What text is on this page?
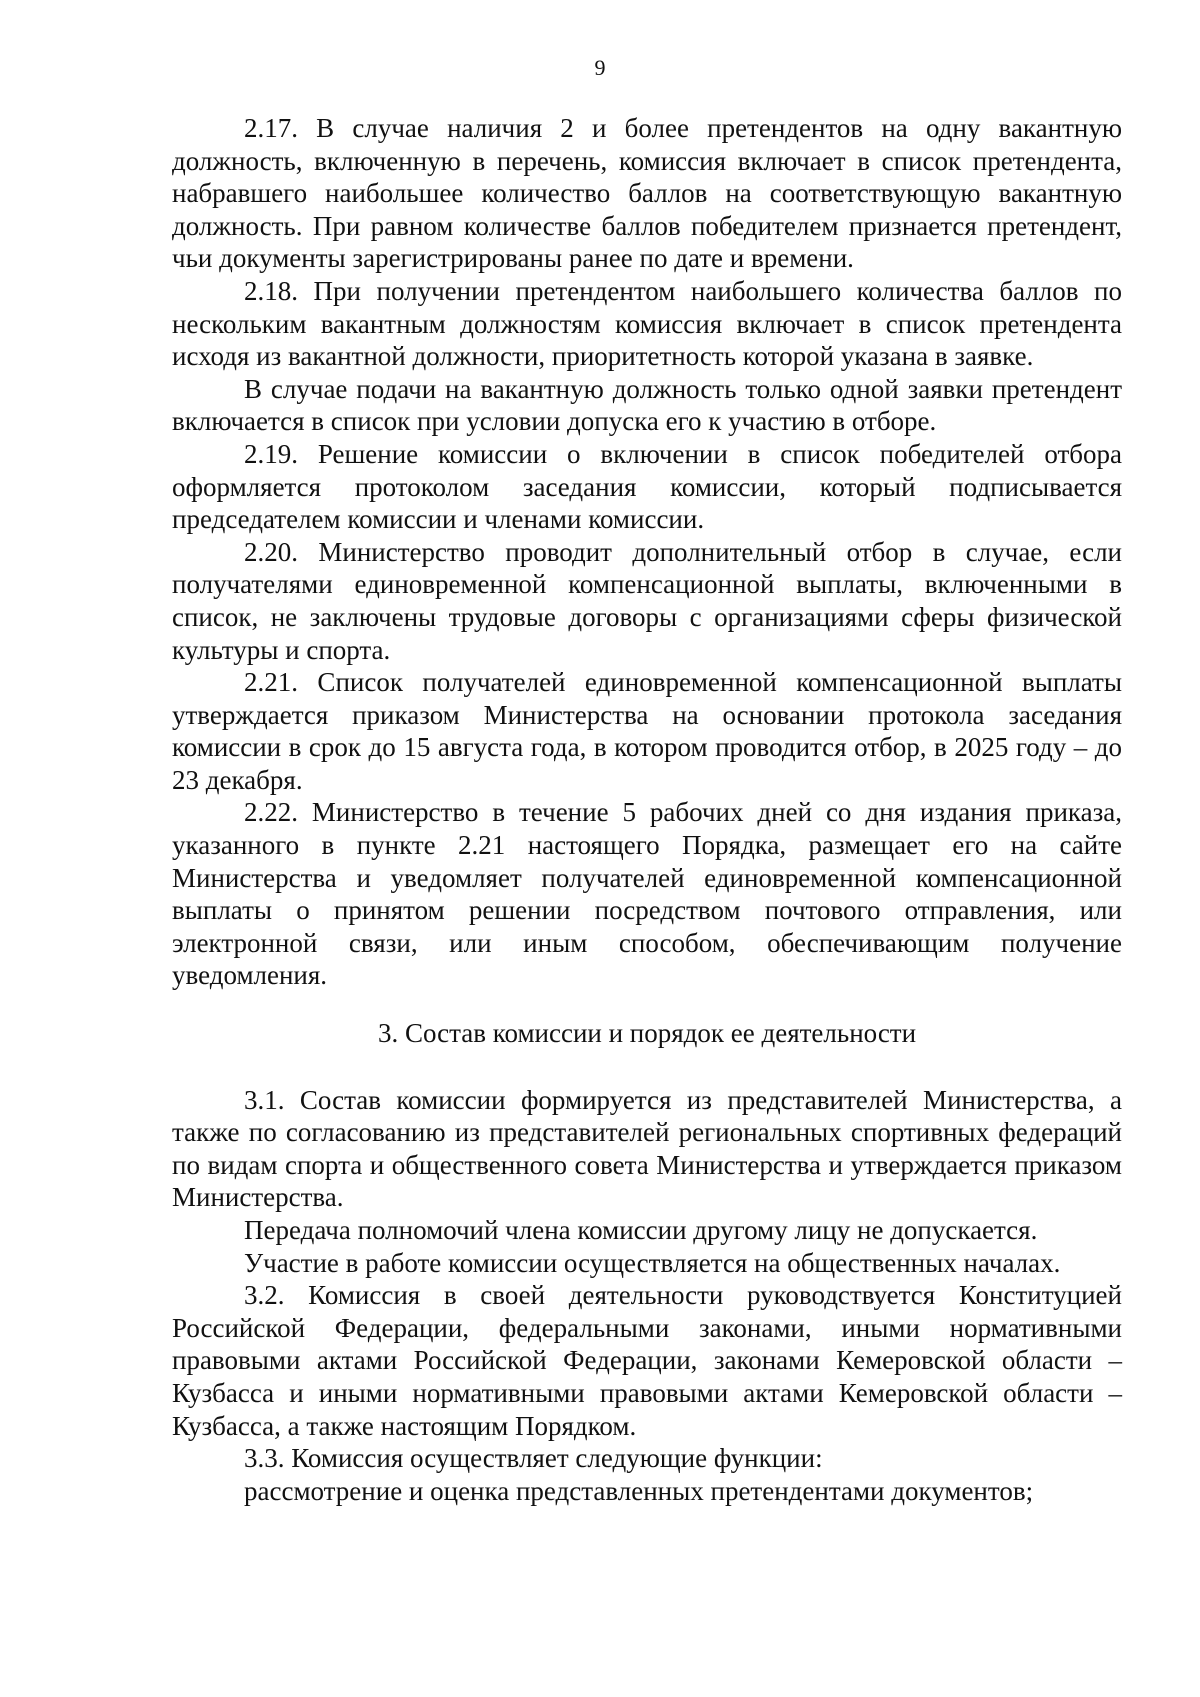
9

2.17. В случае наличия 2 и более претендентов на одну вакантную должность, включенную в перечень, комиссия включает в список претендента, набравшего наибольшее количество баллов на соответствующую вакантную должность. При равном количестве баллов победителем признается претендент, чьи документы зарегистрированы ранее по дате и времени.

2.18. При получении претендентом наибольшего количества баллов по нескольким вакантным должностям комиссия включает в список претендента исходя из вакантной должности, приоритетность которой указана в заявке.

В случае подачи на вакантную должность только одной заявки претендент включается в список при условии допуска его к участию в отборе.

2.19. Решение комиссии о включении в список победителей отбора оформляется протоколом заседания комиссии, который подписывается председателем комиссии и членами комиссии.

2.20. Министерство проводит дополнительный отбор в случае, если получателями единовременной компенсационной выплаты, включенными в список, не заключены трудовые договоры с организациями сферы физической культуры и спорта.

2.21. Список получателей единовременной компенсационной выплаты утверждается приказом Министерства на основании протокола заседания комиссии в срок до 15 августа года, в котором проводится отбор, в 2025 году – до 23 декабря.

2.22. Министерство в течение 5 рабочих дней со дня издания приказа, указанного в пункте 2.21 настоящего Порядка, размещает его на сайте Министерства и уведомляет получателей единовременной компенсационной выплаты о принятом решении посредством почтового отправления, или электронной связи, или иным способом, обеспечивающим получение уведомления.

3. Состав комиссии и порядок ее деятельности

3.1. Состав комиссии формируется из представителей Министерства, а также по согласованию из представителей региональных спортивных федераций по видам спорта и общественного совета Министерства и утверждается приказом Министерства.

Передача полномочий члена комиссии другому лицу не допускается.

Участие в работе комиссии осуществляется на общественных началах.

3.2. Комиссия в своей деятельности руководствуется Конституцией Российской Федерации, федеральными законами, иными нормативными правовыми актами Российской Федерации, законами Кемеровской области – Кузбасса и иными нормативными правовыми актами Кемеровской области – Кузбасса, а также настоящим Порядком.

3.3. Комиссия осуществляет следующие функции:

рассмотрение и оценка представленных претендентами документов;
